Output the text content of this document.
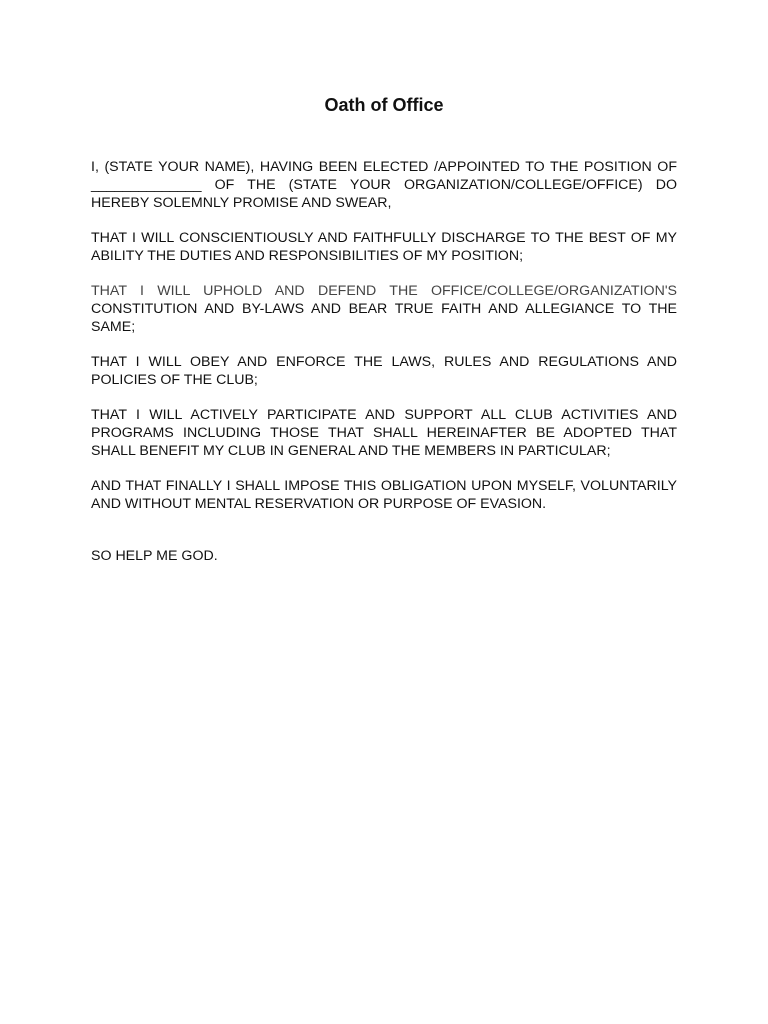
Oath of Office

I, (STATE YOUR NAME), HAVING BEEN ELECTED /APPOINTED TO THE POSITION OF ______________ OF THE (STATE YOUR ORGANIZATION/COLLEGE/OFFICE) DO HEREBY SOLEMNLY PROMISE AND SWEAR,

THAT I WILL CONSCIENTIOUSLY AND FAITHFULLY DISCHARGE TO THE BEST OF MY ABILITY THE DUTIES AND RESPONSIBILITIES OF MY POSITION;

THAT I WILL UPHOLD AND DEFEND THE OFFICE/COLLEGE/ORGANIZATION'S CONSTITUTION AND BY-LAWS AND BEAR TRUE FAITH AND ALLEGIANCE TO THE SAME;

THAT I WILL OBEY AND ENFORCE THE LAWS, RULES AND REGULATIONS AND POLICIES OF THE CLUB;

THAT I WILL ACTIVELY PARTICIPATE AND SUPPORT ALL CLUB ACTIVITIES AND PROGRAMS INCLUDING THOSE THAT SHALL HEREINAFTER BE ADOPTED THAT SHALL BENEFIT MY CLUB IN GENERAL AND THE MEMBERS IN PARTICULAR;

AND THAT FINALLY I SHALL IMPOSE THIS OBLIGATION UPON MYSELF, VOLUNTARILY AND WITHOUT MENTAL RESERVATION OR PURPOSE OF EVASION.

SO HELP ME GOD.
